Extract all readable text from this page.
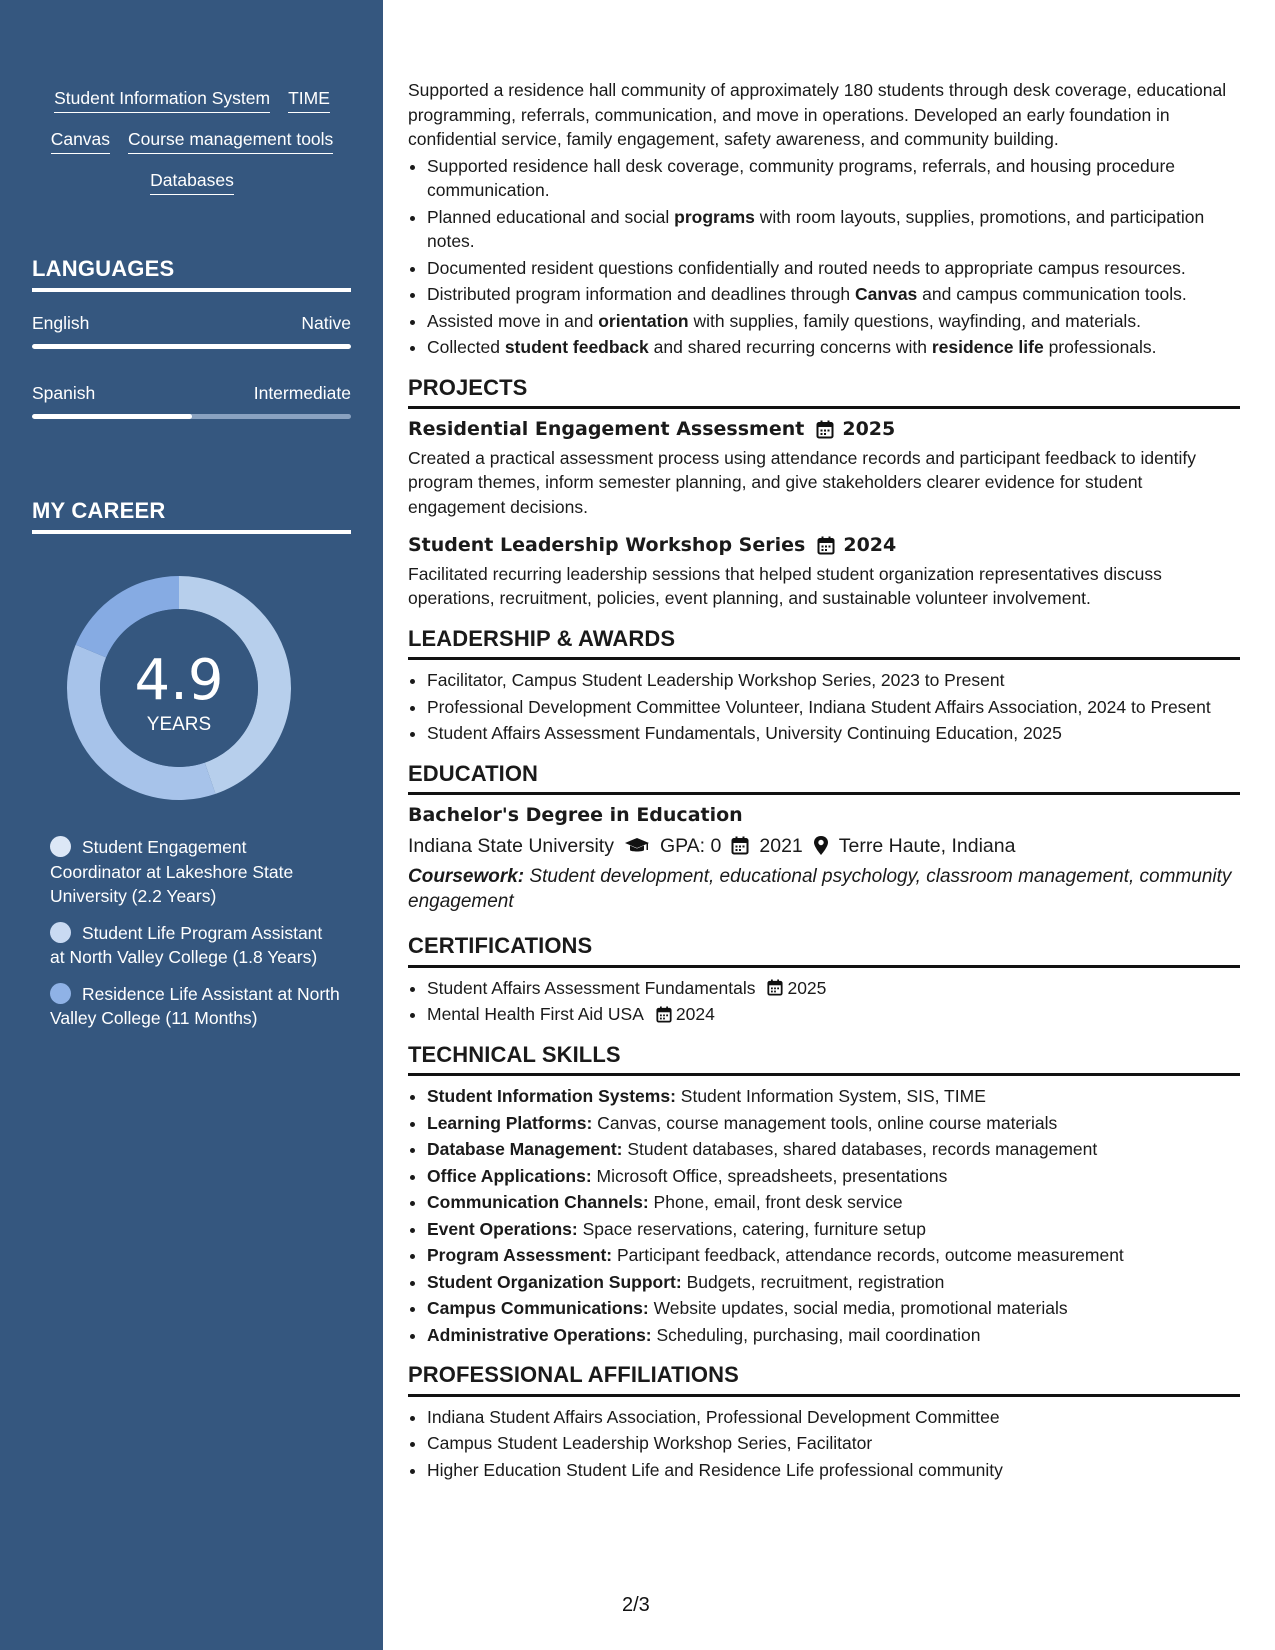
Student Information System TIME
Canvas Course management tools
Databases
LANGUAGES
English	Native
Spanish	Intermediate
MY CAREER
4.9
YEARS
Student Engagement Coordinator at Lakeshore State University (2.2 Years)
Student Life Program Assistant at North Valley College (1.8 Years)
Residence Life Assistant at North Valley College (11 Months)

Supported a residence hall community of approximately 180 students through desk coverage, educational programming, referrals, communication, and move in operations. Developed an early foundation in confidential service, family engagement, safety awareness, and community building.

• Supported residence hall desk coverage, community programs, referrals, and housing procedure communication.
• Planned educational and social programs with room layouts, supplies, promotions, and participation notes.
• Documented resident questions confidentially and routed needs to appropriate campus resources.
• Distributed program information and deadlines through Canvas and campus communication tools.
• Assisted move in and orientation with supplies, family questions, wayfinding, and materials.
• Collected student feedback and shared recurring concerns with residence life professionals.
PROJECTS
Residential Engagement Assessment 2025
Created a practical assessment process using attendance records and participant feedback to identify program themes, inform semester planning, and give stakeholders clearer evidence for student engagement decisions.
Student Leadership Workshop Series 2024
Facilitated recurring leadership sessions that helped student organization representatives discuss operations, recruitment, policies, event planning, and sustainable volunteer involvement.
LEADERSHIP & AWARDS
• Facilitator, Campus Student Leadership Workshop Series, 2023 to Present
• Professional Development Committee Volunteer, Indiana Student Affairs Association, 2024 to Present
• Student Affairs Assessment Fundamentals, University Continuing Education, 2025
EDUCATION
Bachelor's Degree in Education
Indiana State University GPA: 0 2021 Terre Haute, Indiana
Coursework: Student development, educational psychology, classroom management, community engagement
CERTIFICATIONS
• Student Affairs Assessment Fundamentals 2025
• Mental Health First Aid USA 2024
TECHNICAL SKILLS
• Student Information Systems: Student Information System, SIS, TIME
• Learning Platforms: Canvas, course management tools, online course materials
• Database Management: Student databases, shared databases, records management
• Office Applications: Microsoft Office, spreadsheets, presentations
• Communication Channels: Phone, email, front desk service
• Event Operations: Space reservations, catering, furniture setup
• Program Assessment: Participant feedback, attendance records, outcome measurement
• Student Organization Support: Budgets, recruitment, registration
• Campus Communications: Website updates, social media, promotional materials
• Administrative Operations: Scheduling, purchasing, mail coordination
PROFESSIONAL AFFILIATIONS
• Indiana Student Affairs Association, Professional Development Committee
• Campus Student Leadership Workshop Series, Facilitator
• Higher Education Student Life and Residence Life professional community
2/3
